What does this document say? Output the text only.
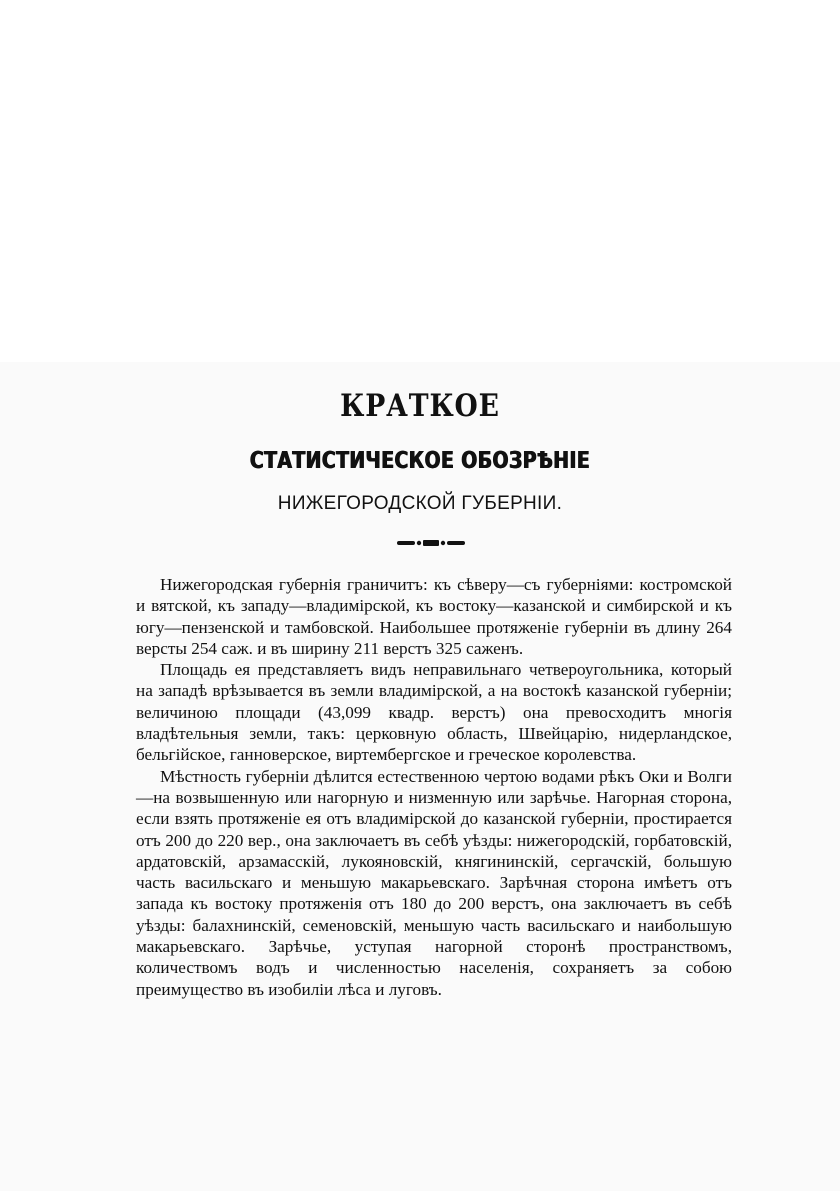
КРАТКОЕ
СТАТИСТИЧЕСКОЕ ОБОЗРѢНІЕ
НИЖЕГОРОДСКОЙ ГУБЕРНІИ.

Нижегородская губернія граничитъ: къ сѣверу—съ губерніями: костромской и вятской, къ западу—владимірской, къ востоку—казанской и симбирской и къ югу—пензенской и тамбовской. Наибольшее протяженіе губерніи въ длину 264 версты 254 саж. и въ ширину 211 верстъ 325 саженъ.

Площадь ея представляетъ видъ неправильнаго четвероугольника, который на западѣ врѣзывается въ земли владимірской, а на востокѣ казанской губерніи; величиною площади (43,099 квадр. верстъ) она превосходитъ многія владѣтельныя земли, такъ: церковную область, Швейцарію, нидерландское, бельгійское, ганноверское, виртембергское и греческое королевства.

Мѣстность губерніи дѣлится естественною чертою водами рѣкъ Оки и Волги—на возвышенную или нагорную и низменную или зарѣчье. Нагорная сторона, если взять протяженіе ея отъ владимірской до казанской губерніи, простирается отъ 200 до 220 вер., она заключаетъ въ себѣ уѣзды: нижегородскій, горбатовскій, ардатовскій, арзамасскій, лукояновскій, княгининскій, сергачскій, большую часть васильскаго и меньшую макарьевскаго. Зарѣчная сторона имѣетъ отъ запада къ востоку протяженія отъ 180 до 200 верстъ, она заключаетъ въ себѣ уѣзды: балахнинскій, семеновскій, меньшую часть васильскаго и наибольшую макарьевскаго. Зарѣчье, уступая нагорной сторонѣ пространствомъ, количествомъ водъ и численностью населенія, сохраняетъ за собою преимущество въ изобиліи лѣса и луговъ.
